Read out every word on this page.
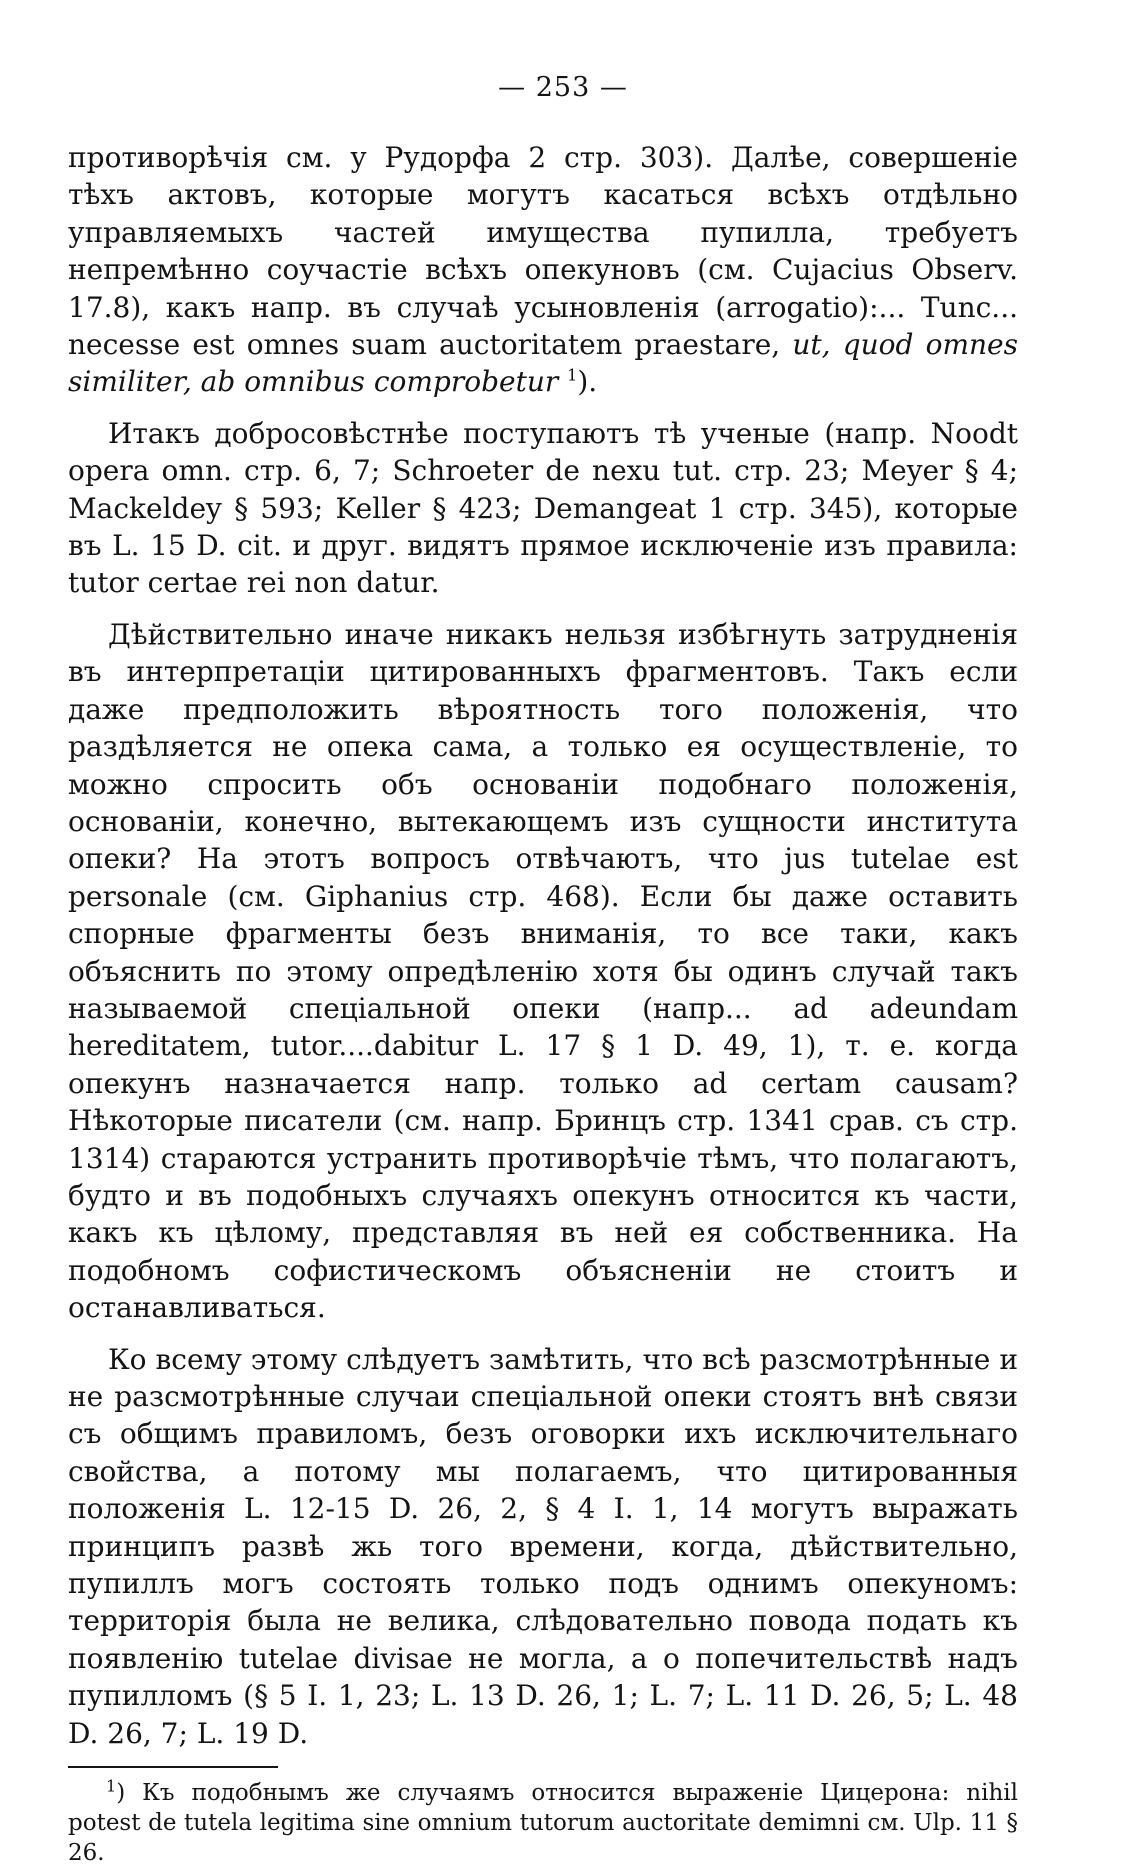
— 253 —

противорѣчія см. у Рудорфа 2 стр. 303). Далѣе, совершеніе тѣхъ актовъ, которые могутъ касаться всѣхъ отдѣльно управляемыхъ частей имущества пупилла, требуетъ непремѣнно соучастіе всѣхъ опекуновъ (см. Cujacius Observ. 17.8), какъ напр. въ случаѣ усыновленія (arrogatio):... Tunc... necesse est omnes suam auctoritatem praestare, ut, quod omnes similiter, ab omnibus comprobetur $^1$).

Итакъ добросовѣстнѣе поступаютъ тѣ ученые (напр. Noodt opera omn. стр. 6, 7; Schroeter de nexu tut. стр. 23; Meyer § 4; Mackeldey § 593; Keller § 423; Demangeat 1 стр. 345), которые въ L. 15 D. cit. и друг. видятъ прямое исключеніе изъ правила: tutor certae rei non datur.

Дѣйствительно иначе никакъ нельзя избѣгнуть затрудненія въ интерпретаціи цитированныхъ фрагментовъ. Такъ если даже предположить вѣроятность того положенія, что раздѣляется не опека сама, а только ея осуществленіе, то можно спросить объ основаніи подобнаго положенія, основаніи, конечно, вытекающемъ изъ сущности института опеки? На этотъ вопросъ отвѣчаютъ, что jus tutelae est personale (см. Giphanius стр. 468). Если бы даже оставить спорные фрагменты безъ вниманія, то все таки, какъ объяснить по этому опредѣленію хотя бы одинъ случай такъ называемой спеціальной опеки (напр... ad adeundam hereditatem, tutor....dabitur L. 17 § 1 D. 49, 1), т. е. когда опекунъ назначается напр. только ad certam causam? Нѣкоторые писатели (см. напр. Бринцъ стр. 1341 срав. съ стр. 1314) стараются устранить противорѣчіе тѣмъ, что полагаютъ, будто и въ подобныхъ случаяхъ опекунъ относится къ части, какъ къ цѣлому, представляя въ ней ея собственника. На подобномъ софистическомъ объясненіи не стоитъ и останавливаться.

Ко всему этому слѣдуетъ замѣтить, что всѣ разсмотрѣнные и не разсмотрѣнные случаи спеціальной опеки стоятъ внѣ связи съ общимъ правиломъ, безъ оговорки ихъ исключительнаго свойства, а потому мы полагаемъ, что цитированныя положенія L. 12-15 D. 26, 2, § 4 I. 1, 14 могутъ выражать принципъ развѣ жь того времени, когда, дѣйствительно, пупиллъ могъ состоять только подъ однимъ опекуномъ: территорія была не велика, слѣдовательно повода подать къ появленію tutelae divisae не могла, а о попечительствѣ надъ пупилломъ (§ 5 I. 1, 23; L. 13 D. 26, 1; L. 7; L. 11 D. 26, 5; L. 48 D. 26, 7; L. 19 D.

$^1$) Къ подобнымъ же случаямъ относится выраженіе Цицерона: nihil potest de tutela legitima sine omnium tutorum auctoritate demimni см. Ulp. 11 § 26.
